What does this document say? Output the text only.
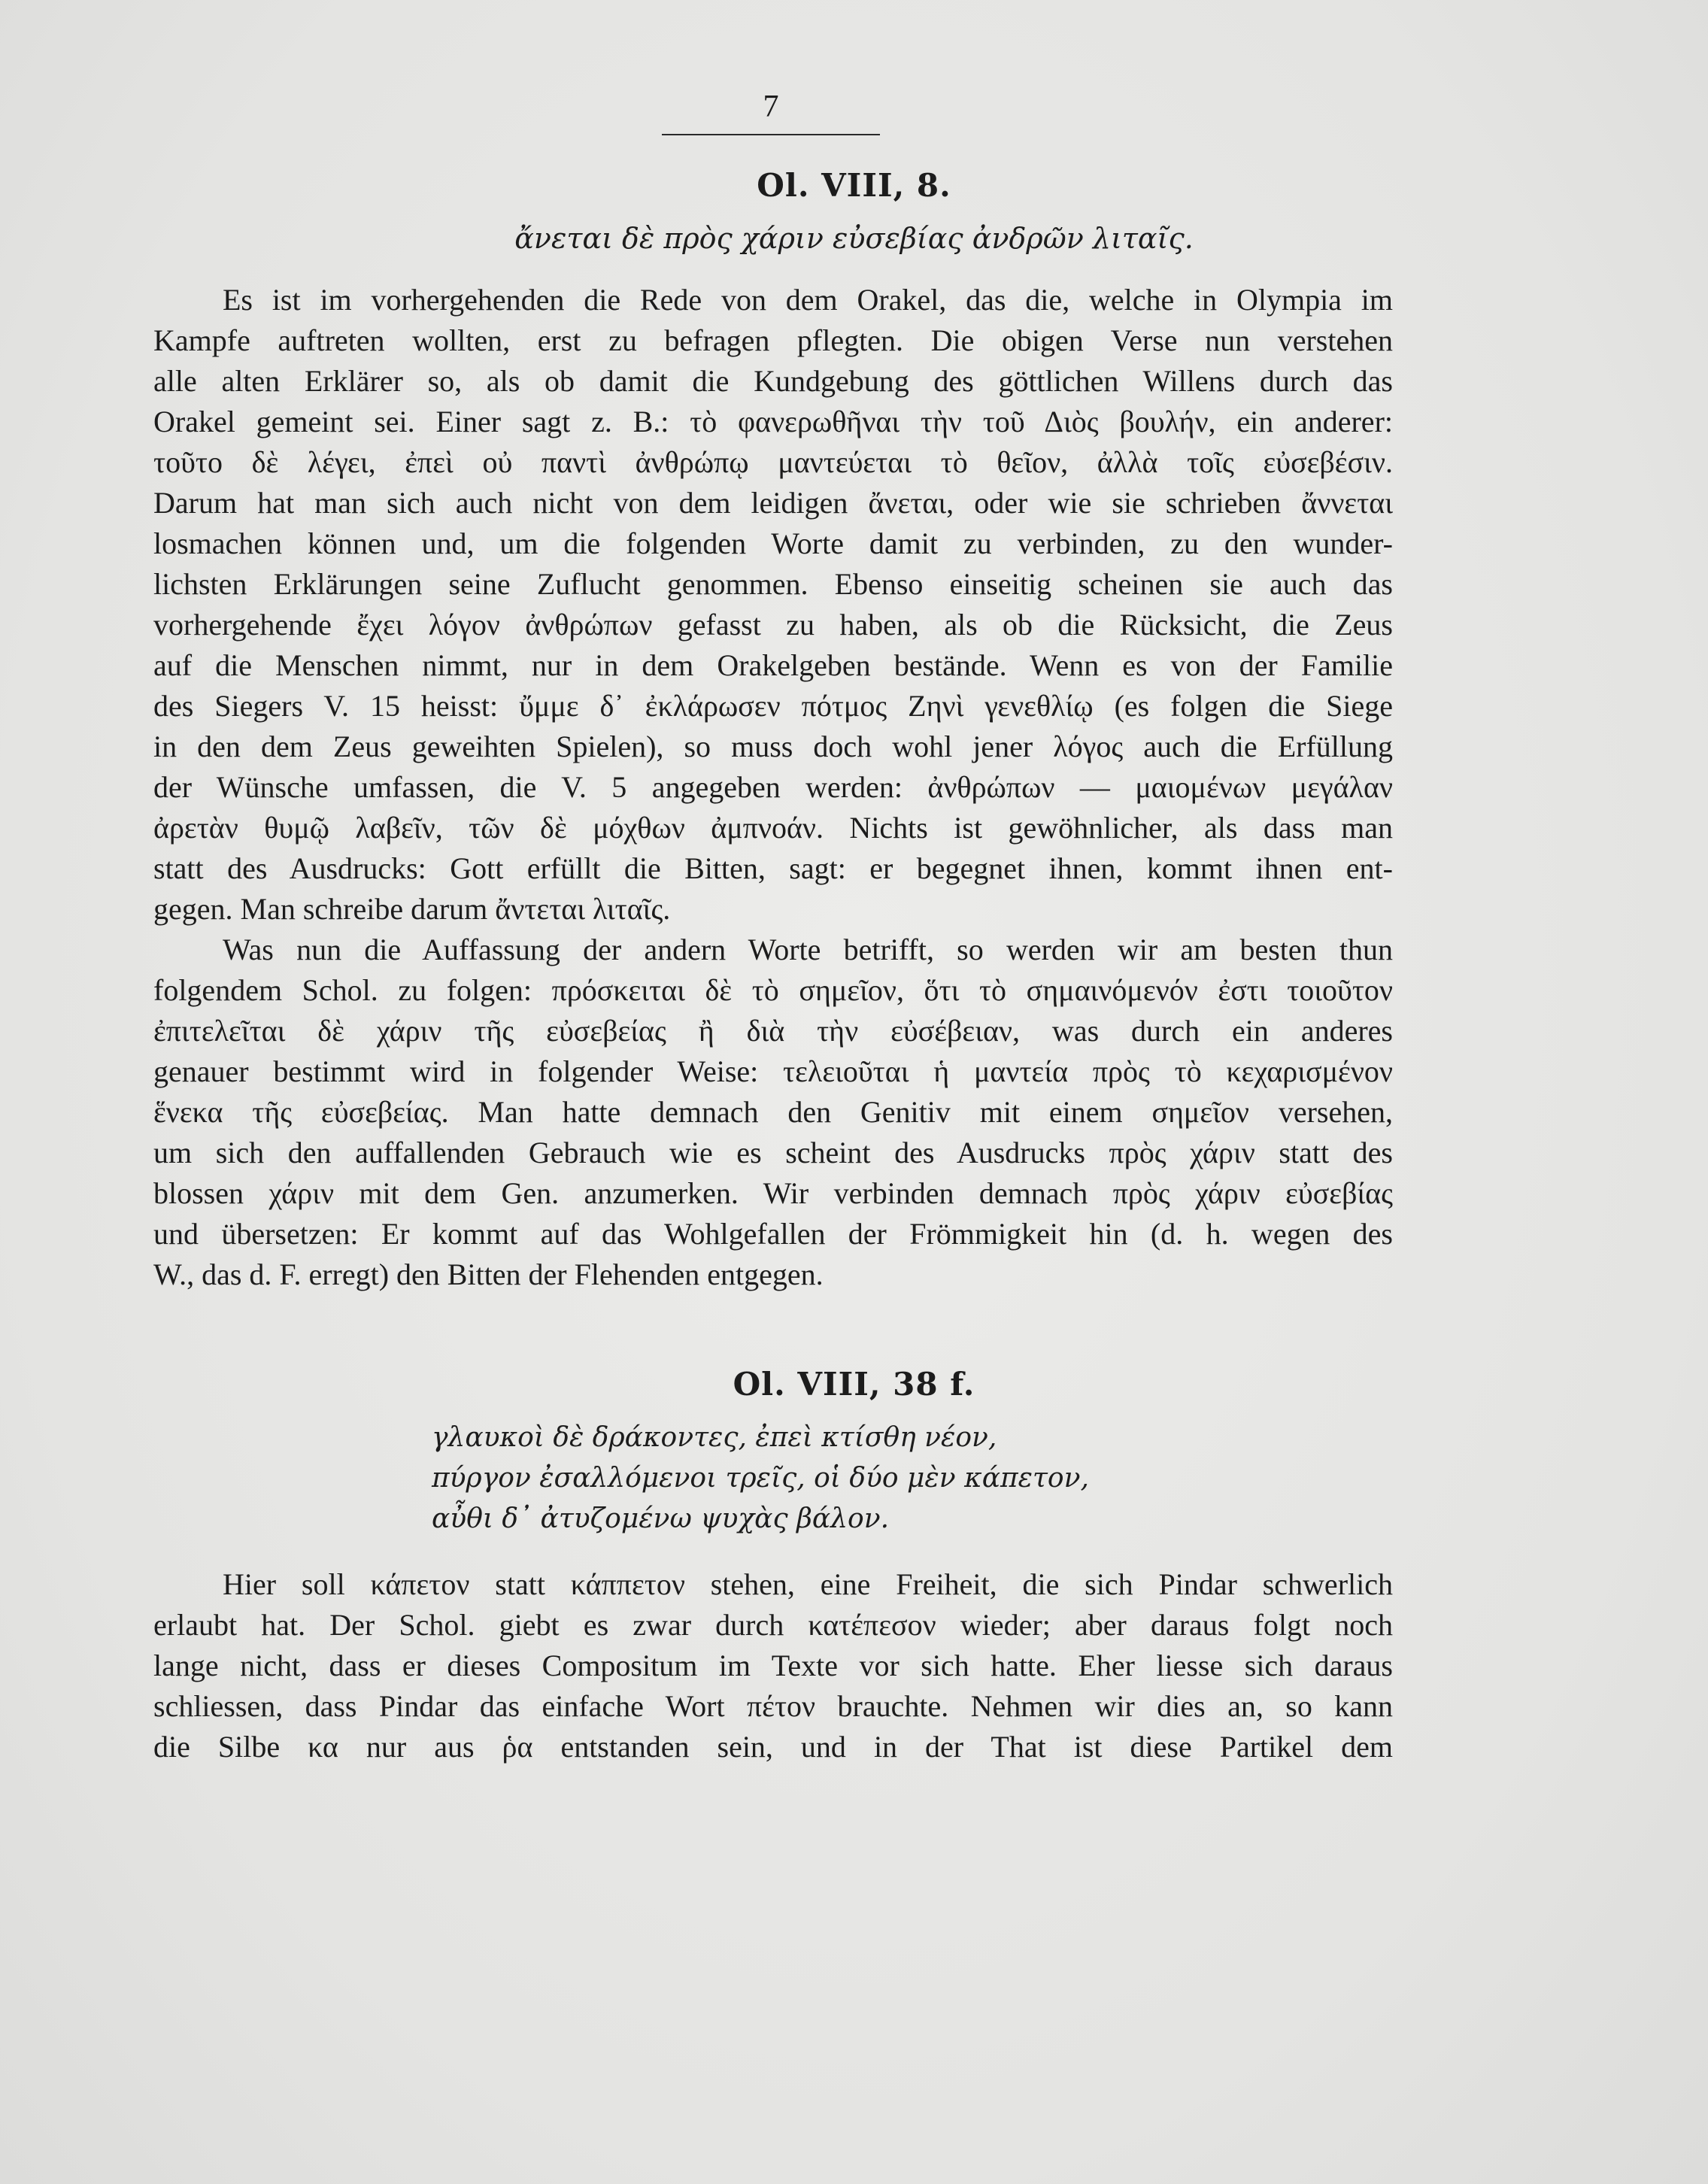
7
Ol. VIII, 8.
ἄνεται δὲ πρὸς χάριν εὐσεβίας ἀνδρῶν λιταῖς.
Es ist im vorhergehenden die Rede von dem Orakel, das die, welche in Olympia im
Kampfe auftreten wollten, erst zu befragen pflegten. Die obigen Verse nun verstehen
alle alten Erklärer so, als ob damit die Kundgebung des göttlichen Willens durch das
Orakel gemeint sei. Einer sagt z. B.: τὸ φανερωθῆναι τὴν τοῦ Διὸς βουλήν, ein anderer:
τοῦτο δὲ λέγει, ἐπεὶ οὐ παντὶ ἀνθρώπῳ μαντεύεται τὸ θεῖον, ἀλλὰ τοῖς εὐσεβέσιν.
Darum hat man sich auch nicht von dem leidigen ἄνεται, oder wie sie schrieben ἄννεται
losmachen können und, um die folgenden Worte damit zu verbinden, zu den wunder-
lichsten Erklärungen seine Zuflucht genommen. Ebenso einseitig scheinen sie auch das
vorhergehende ἔχει λόγον ἀνθρώπων gefasst zu haben, als ob die Rücksicht, die Zeus
auf die Menschen nimmt, nur in dem Orakelgeben bestände. Wenn es von der Familie
des Siegers V. 15 heisst: ὔμμε δ᾽ ἐκλάρωσεν πότμος Ζηνὶ γενεθλίῳ (es folgen die Siege
in den dem Zeus geweihten Spielen), so muss doch wohl jener λόγος auch die Erfüllung
der Wünsche umfassen, die V. 5 angegeben werden: ἀνθρώπων — μαιομένων μεγάλαν
ἀρετὰν θυμῷ λαβεῖν, τῶν δὲ μόχθων ἀμπνοάν. Nichts ist gewöhnlicher, als dass man
statt des Ausdrucks: Gott erfüllt die Bitten, sagt: er begegnet ihnen, kommt ihnen ent-
gegen. Man schreibe darum ἄντεται λιταῖς.
Was nun die Auffassung der andern Worte betrifft, so werden wir am besten thun
folgendem Schol. zu folgen: πρόσκειται δὲ τὸ σημεῖον, ὅτι τὸ σημαινόμενόν ἐστι τοιοῦτον
ἐπιτελεῖται δὲ χάριν τῆς εὐσεβείας ἢ διὰ τὴν εὐσέβειαν, was durch ein anderes
genauer bestimmt wird in folgender Weise: τελειοῦται ἡ μαντεία πρὸς τὸ κεχαρισμένον
ἕνεκα τῆς εὐσεβείας. Man hatte demnach den Genitiv mit einem σημεῖον versehen,
um sich den auffallenden Gebrauch wie es scheint des Ausdrucks πρὸς χάριν statt des
blossen χάριν mit dem Gen. anzumerken. Wir verbinden demnach πρὸς χάριν εὐσεβίας
und übersetzen: Er kommt auf das Wohlgefallen der Frömmigkeit hin (d. h. wegen des
W., das d. F. erregt) den Bitten der Flehenden entgegen.
Ol. VIII, 38 f.
γλαυκοὶ δὲ δράκοντες, ἐπεὶ κτίσθη νέον,
πύργον ἐσαλλόμενοι τρεῖς, οἱ δύο μὲν κάπετον,
αὖθι δ᾽ ἀτυζομένω ψυχὰς βάλον.
Hier soll κάπετον statt κάππετον stehen, eine Freiheit, die sich Pindar schwerlich
erlaubt hat. Der Schol. giebt es zwar durch κατέπεσον wieder; aber daraus folgt noch
lange nicht, dass er dieses Compositum im Texte vor sich hatte. Eher liesse sich daraus
schliessen, dass Pindar das einfache Wort πέτον brauchte. Nehmen wir dies an, so kann
die Silbe κα nur aus ῥα entstanden sein, und in der That ist diese Partikel dem
